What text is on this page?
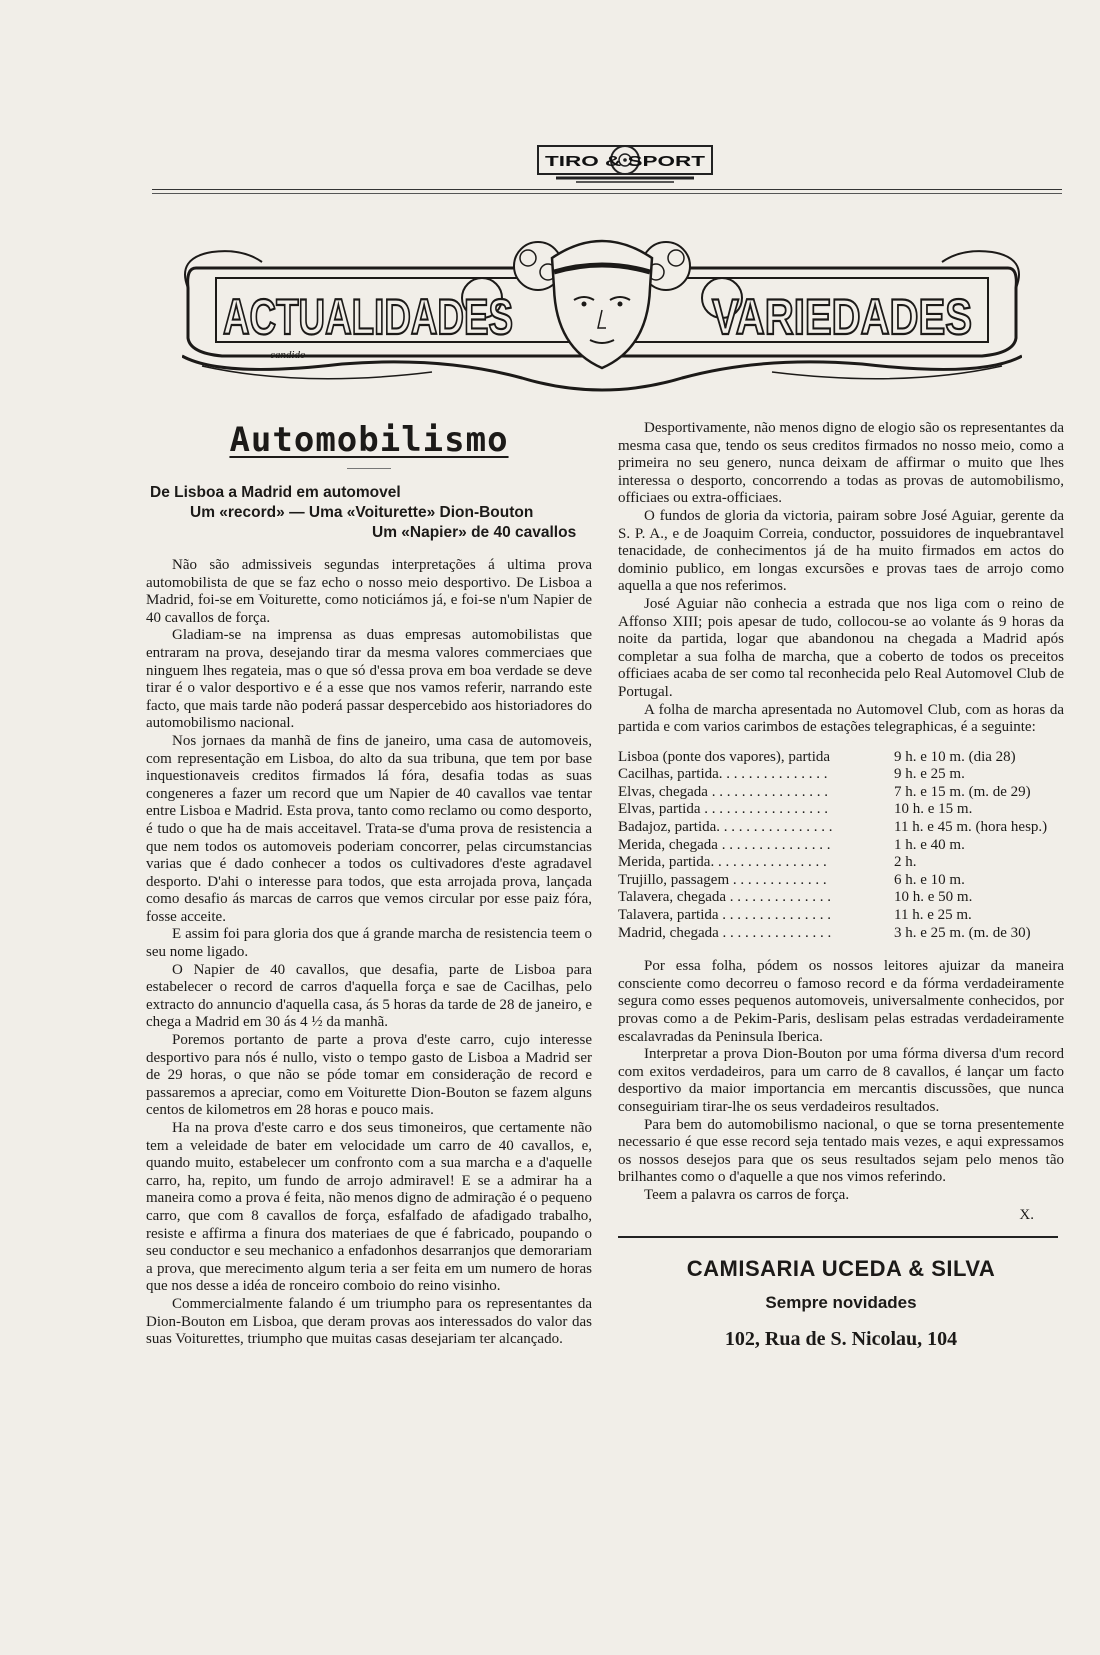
TIRO & SPORT
ACTUALIDADES	VARIEDADES
candido
Automobilismo
De Lisboa a Madrid em automovel
Um «record» — Uma «Voiturette» Dion-Bouton
Um «Napier» de 40 cavallos

Não são admissiveis segundas interpretações á ultima prova automobilista de que se faz echo o nosso meio desportivo. De Lisboa a Madrid, foi-se em Voiturette, como noticiámos já, e foi-se n'um Napier de 40 cavallos de força.

Gladiam-se na imprensa as duas empresas automobilistas que entraram na prova, desejando tirar da mesma valores commerciaes que ninguem lhes regateia, mas o que só d'essa prova em boa verdade se deve tirar é o valor desportivo e é a esse que nos vamos referir, narrando este facto, que mais tarde não poderá passar despercebido aos historiadores do automobilismo nacional.

Nos jornaes da manhã de fins de janeiro, uma casa de automoveis, com representação em Lisboa, do alto da sua tribuna, que tem por base inquestionaveis creditos firmados lá fóra, desafia todas as suas congeneres a fazer um record que um Napier de 40 cavallos vae tentar entre Lisboa e Madrid. Esta prova, tanto como reclamo ou como desporto, é tudo o que ha de mais acceitavel. Trata-se d'uma prova de resistencia a que nem todos os automoveis poderiam concorrer, pelas circumstancias varias que é dado conhecer a todos os cultivadores d'este agradavel desporto. D'ahi o interesse para todos, que esta arrojada prova, lançada como desafio ás marcas de carros que vemos circular por esse paiz fóra, fosse acceite.

E assim foi para gloria dos que á grande marcha de resistencia teem o seu nome ligado.

O Napier de 40 cavallos, que desafia, parte de Lisboa para estabelecer o record de carros d'aquella força e sae de Cacilhas, pelo extracto do annuncio d'aquella casa, ás 5 horas da tarde de 28 de janeiro, e chega a Madrid em 30 ás 4 ½ da manhã.

Poremos portanto de parte a prova d'este carro, cujo interesse desportivo para nós é nullo, visto o tempo gasto de Lisboa a Madrid ser de 29 horas, o que não se póde tomar em consideração de record e passaremos a apreciar, como em Voiturette Dion-Bouton se fazem alguns centos de kilometros em 28 horas e pouco mais.

Ha na prova d'este carro e dos seus timoneiros, que certamente não tem a veleidade de bater em velocidade um carro de 40 cavallos, e, quando muito, estabelecer um confronto com a sua marcha e a d'aquelle carro, ha, repito, um fundo de arrojo admiravel! E se a admirar ha a maneira como a prova é feita, não menos digno de admiração é o pequeno carro, que com 8 cavallos de força, esfalfado de afadigado trabalho, resiste e affirma a finura dos materiaes de que é fabricado, poupando o seu conductor e seu mechanico a enfadonhos desarranjos que demorariam a prova, que merecimento algum teria a ser feita em um numero de horas que nos desse a idéa de ronceiro comboio do reino visinho.

Commercialmente falando é um triumpho para os representantes da Dion-Bouton em Lisboa, que deram provas aos interessados do valor das suas Voiturettes, triumpho que muitas casas desejariam ter alcançado.

Desportivamente, não menos digno de elogio são os representantes da mesma casa que, tendo os seus creditos firmados no nosso meio, como a primeira no seu genero, nunca deixam de affirmar o muito que lhes interessa o desporto, concorrendo a todas as provas de automobilismo, officiaes ou extra-officiaes.

O fundos de gloria da victoria, pairam sobre José Aguiar, gerente da S. P. A., e de Joaquim Correia, conductor, possuidores de inquebrantavel tenacidade, de conhecimentos já de ha muito firmados em actos do dominio publico, em longas excursões e provas taes de arrojo como aquella a que nos referimos.

José Aguiar não conhecia a estrada que nos liga com o reino de Affonso XIII; pois apesar de tudo, collocou-se ao volante ás 9 horas da noite da partida, logar que abandonou na chegada a Madrid após completar a sua folha de marcha, que a coberto de todos os preceitos officiaes acaba de ser como tal reconhecida pelo Real Automovel Club de Portugal.

A folha de marcha apresentada no Automovel Club, com as horas da partida e com varios carimbos de estações telegraphicas, é a seguinte:

Lisboa (ponte dos vapores), partida	9 h. e 10 m. (dia 28)
Cacilhas, partida. . . . . . . . . . . . . . .	9 h. e 25 m.
Elvas, chegada . . . . . . . . . . . . . . . .	7 h. e 15 m. (m. de 29)
Elvas, partida . . . . . . . . . . . . . . . . .	10 h. e 15 m.
Badajoz, partida. . . . . . . . . . . . . . . .	11 h. e 45 m. (hora hesp.)
Merida, chegada . . . . . . . . . . . . . . .	1 h. e 40 m.
Merida, partida. . . . . . . . . . . . . . . .	2 h.
Trujillo, passagem . . . . . . . . . . . . .	6 h. e 10 m.
Talavera, chegada . . . . . . . . . . . . . .	10 h. e 50 m.
Talavera, partida . . . . . . . . . . . . . . .	11 h. e 25 m.
Madrid, chegada . . . . . . . . . . . . . . .	3 h. e 25 m. (m. de 30)

Por essa folha, pódem os nossos leitores ajuizar da maneira consciente como decorreu o famoso record e da fórma verdadeiramente segura como esses pequenos automoveis, universalmente conhecidos, por provas como a de Pekim-Paris, deslisam pelas estradas verdadeiramente escalavradas da Peninsula Iberica.

Interpretar a prova Dion-Bouton por uma fórma diversa d'um record com exitos verdadeiros, para um carro de 8 cavallos, é lançar um facto desportivo da maior importancia em mercantis discussões, que nunca conseguiriam tirar-lhe os seus verdadeiros resultados.

Para bem do automobilismo nacional, o que se torna presentemente necessario é que esse record seja tentado mais vezes, e aqui expressamos os nossos desejos para que os seus resultados sejam pelo menos tão brilhantes como o d'aquelle a que nos vimos referindo.

Teem a palavra os carros de força.

X.
CAMISARIA UCEDA & SILVA
Sempre novidades
102, Rua de S. Nicolau, 104
